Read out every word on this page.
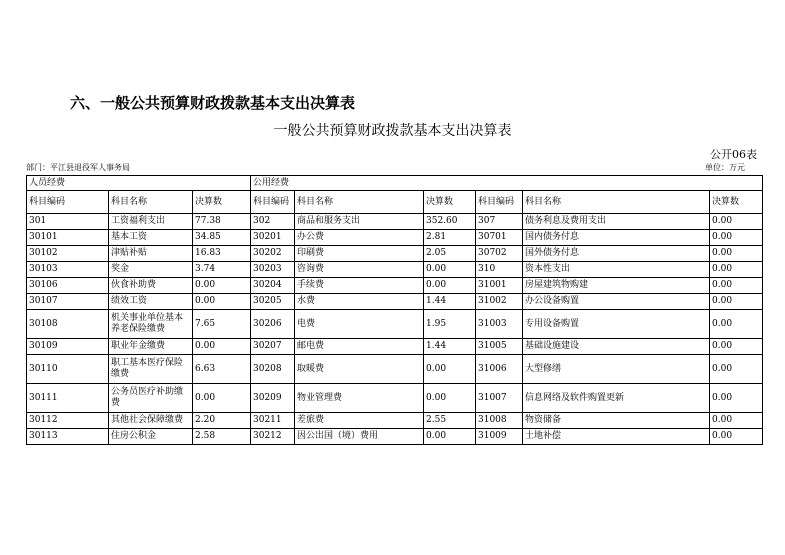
六、一般公共预算财政拨款基本支出决算表
一般公共预算财政拨款基本支出决算表
公开06表
部门：平江县退役军人事务局	单位：万元
人员经费			公用经费					
科目编码	科目名称	决算数	科目编码	科目名称	决算数	科目编码	科目名称	决算数
301	工资福利支出	77.38	302	商品和服务支出	352.60	307	债务利息及费用支出	0.00
30101	基本工资	34.85	30201	办公费	2.81	30701	国内债务付息	0.00
30102	津贴补贴	16.83	30202	印刷费	2.05	30702	国外债务付息	0.00
30103	奖金	3.74	30203	咨询费	0.00	310	资本性支出	0.00
30106	伙食补助费	0.00	30204	手续费	0.00	31001	房屋建筑物购建	0.00
30107	绩效工资	0.00	30205	水费	1.44	31002	办公设备购置	0.00
30108	机关事业单位基本养老保险缴费	7.65	30206	电费	1.95	31003	专用设备购置	0.00
30109	职业年金缴费	0.00	30207	邮电费	1.44	31005	基础设施建设	0.00
30110	职工基本医疗保险缴费	6.63	30208	取暖费	0.00	31006	大型修缮	0.00
30111	公务员医疗补助缴费	0.00	30209	物业管理费	0.00	31007	信息网络及软件购置更新	0.00
30112	其他社会保障缴费	2.20	30211	差旅费	2.55	31008	物资储备	0.00
30113	住房公积金	2.58	30212	因公出国（境）费用	0.00	31009	土地补偿	0.00
